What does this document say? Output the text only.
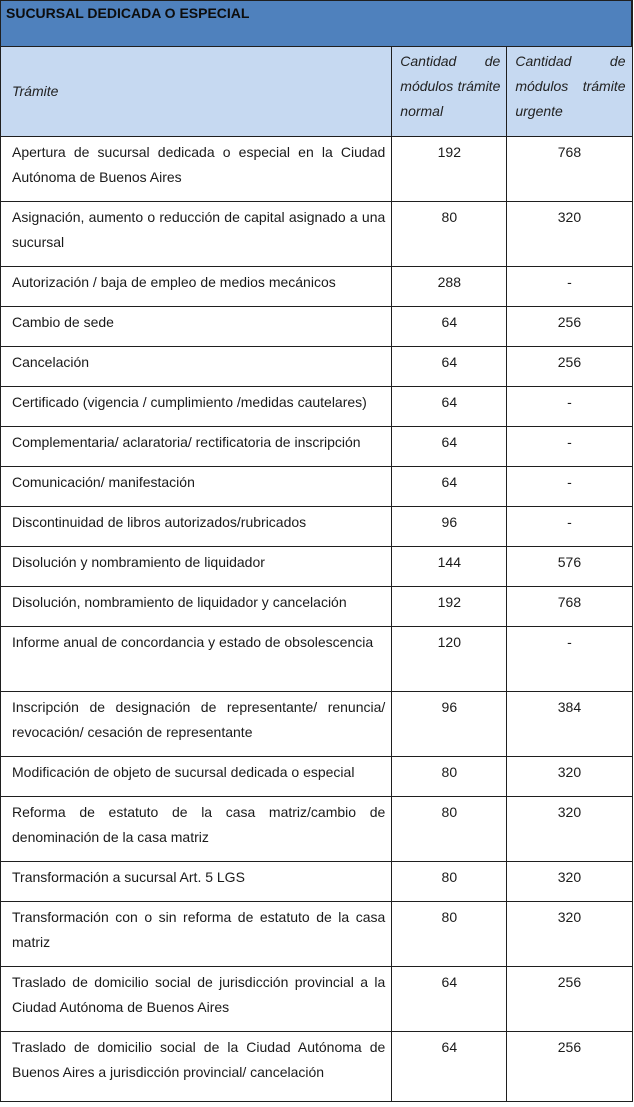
SUCURSAL DEDICADA O ESPECIAL		
Trámite	Cantidad de módulos trámite normal	Cantidad de módulos trámite urgente
Apertura de sucursal dedicada o especial en la Ciudad Autónoma de Buenos Aires	192	768
Asignación, aumento o reducción de capital asignado a una sucursal	80	320
Autorización / baja de empleo de medios mecánicos	288	-
Cambio de sede	64	256
Cancelación	64	256
Certificado (vigencia / cumplimiento /medidas cautelares)	64	-
Complementaria/ aclaratoria/ rectificatoria de inscripción	64	-
Comunicación/ manifestación	64	-
Discontinuidad de libros autorizados/rubricados	96	-
Disolución y nombramiento de liquidador	144	576
Disolución, nombramiento de liquidador y cancelación	192	768
Informe anual de concordancia y estado de obsolescencia	120	-
Inscripción de designación de representante/ renuncia/ revocación/ cesación de representante	96	384
Modificación de objeto de sucursal dedicada o especial	80	320
Reforma de estatuto de la casa matriz/cambio de denominación de la casa matriz	80	320
Transformación a sucursal Art. 5 LGS	80	320
Transformación con o sin reforma de estatuto de la casa matriz	80	320
Traslado de domicilio social de jurisdicción provincial a la Ciudad Autónoma de Buenos Aires	64	256
Traslado de domicilio social de la Ciudad Autónoma de Buenos Aires a jurisdicción provincial/ cancelación	64	256
